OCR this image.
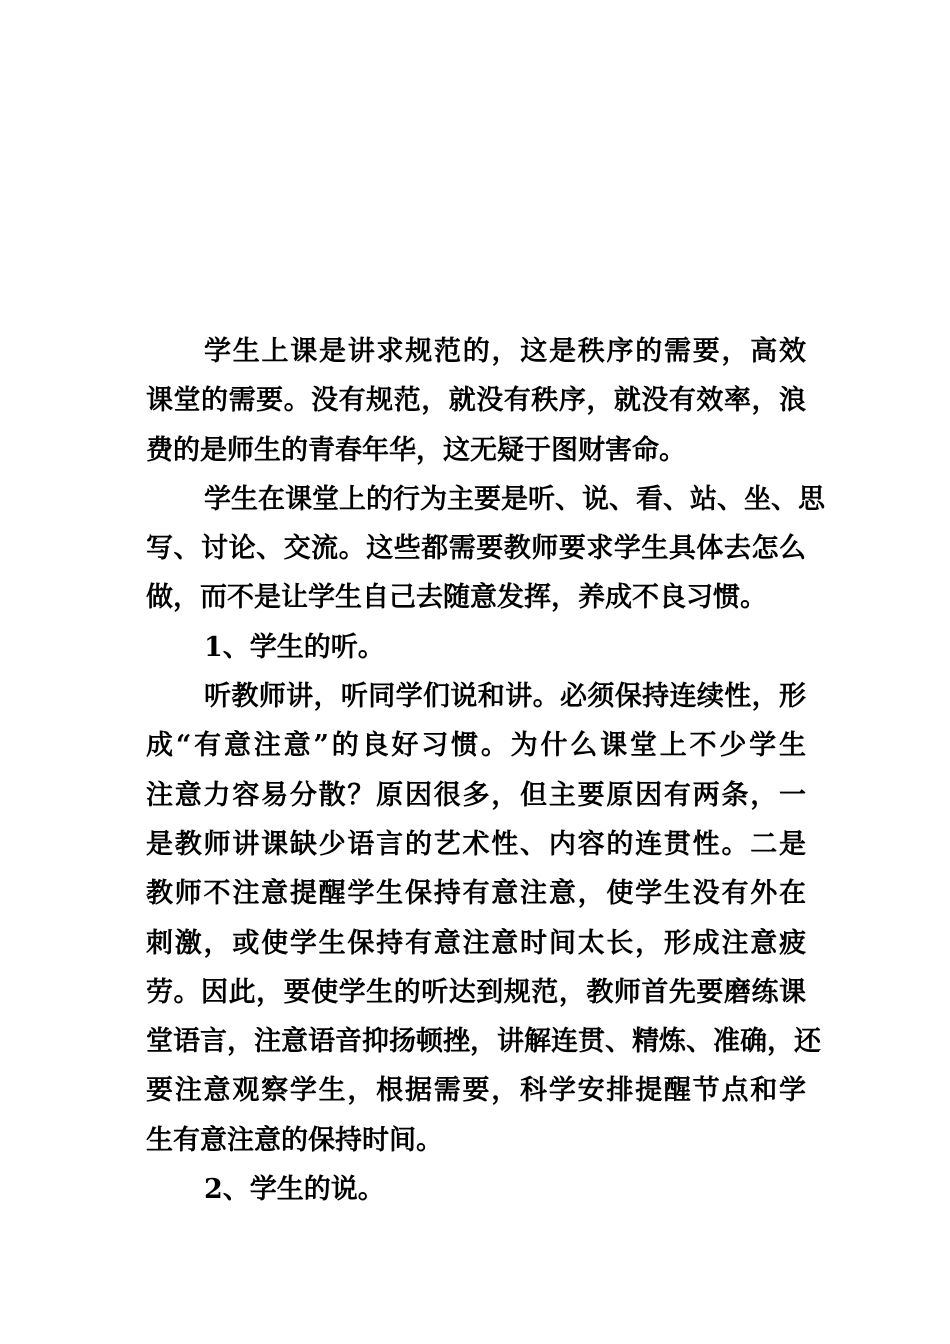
学生上课是讲求规范的，这是秩序的需要，高效
课堂的需要。没有规范，就没有秩序，就没有效率，浪
费的是师生的青春年华，这无疑于图财害命。
学生在课堂上的行为主要是听、说、看、站、坐、思
写、讨论、交流。这些都需要教师要求学生具体去怎么
做，而不是让学生自己去随意发挥，养成不良习惯。
1、学生的听。
听教师讲，听同学们说和讲。必须保持连续性，形
成“有意注意”的良好习惯。为什么课堂上不少学生
注意力容易分散？原因很多，但主要原因有两条，一
是教师讲课缺少语言的艺术性、内容的连贯性。二是
教师不注意提醒学生保持有意注意，使学生没有外在
刺激，或使学生保持有意注意时间太长，形成注意疲
劳。因此，要使学生的听达到规范，教师首先要磨练课
堂语言，注意语音抑扬顿挫，讲解连贯、精炼、准确，还
要注意观察学生，根据需要，科学安排提醒节点和学
生有意注意的保持时间。
2、学生的说。
